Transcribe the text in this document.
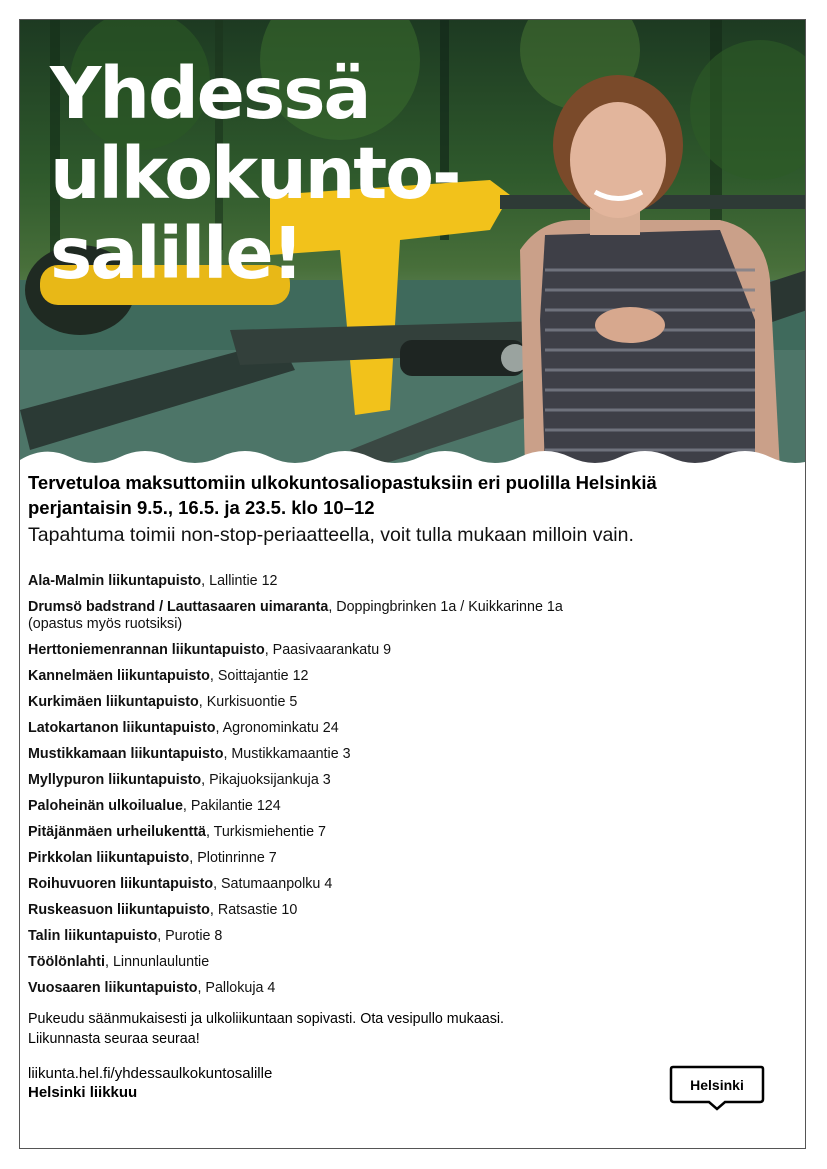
Yhdessä
ulkokunto-
salille!

Tervetuloa maksuttomiin ulkokuntosaliopastuksiin eri puolilla Helsinkiä
perjantaisin 9.5., 16.5. ja 23.5. klo 10–12

Tapahtuma toimii non-stop-periaatteella, voit tulla mukaan milloin vain.

Ala-Malmin liikuntapuisto, Lallintie 12
Drumsö badstrand / Lauttasaaren uimaranta, Doppingbrinken 1a / Kuikkarinne 1a
(opastus myös ruotsiksi)
Herttoniemenrannan liikuntapuisto, Paasivaarankatu 9
Kannelmäen liikuntapuisto, Soittajantie 12
Kurkimäen liikuntapuisto, Kurkisuontie 5
Latokartanon liikuntapuisto, Agronominkatu 24
Mustikkamaan liikuntapuisto, Mustikkamaantie 3
Myllypuron liikuntapuisto, Pikajuoksijankuja 3
Paloheinän ulkoilualue, Pakilantie 124
Pitäjänmäen urheilukenttä, Turkismiehentie 7
Pirkkolan liikuntapuisto, Plotinrinne 7
Roihuvuoren liikuntapuisto, Satumaanpolku 4
Ruskeasuon liikuntapuisto, Ratsastie 10
Talin liikuntapuisto, Purotie 8
Töölönlahti, Linnunlauluntie
Vuosaaren liikuntapuisto, Pallokuja 4

Pukeudu säänmukaisesti ja ulkoliikuntaan sopivasti. Ota vesipullo mukaasi.
Liikunnasta seuraa seuraa!

liikunta.hel.fi/yhdessaulkokuntosalille
Helsinki liikkuu	Helsinki
